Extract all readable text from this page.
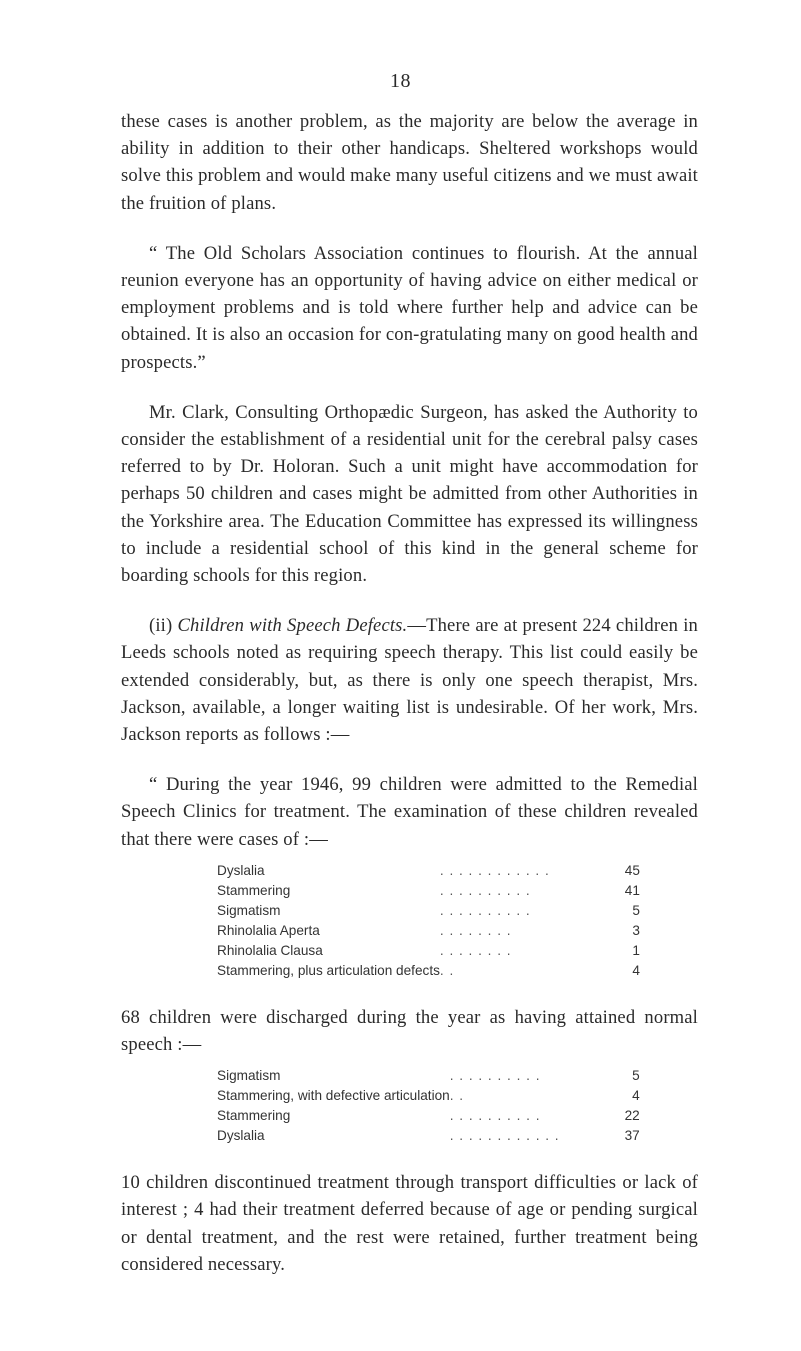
18

these cases is another problem, as the majority are below the average in ability in addition to their other handicaps. Sheltered workshops would solve this problem and would make many useful citizens and we must await the fruition of plans.

“ The Old Scholars Association continues to flourish. At the annual reunion everyone has an opportunity of having advice on either medical or employment problems and is told where further help and advice can be obtained. It is also an occasion for con-gratulating many on good health and prospects.”

Mr. Clark, Consulting Orthopædic Surgeon, has asked the Authority to consider the establishment of a residential unit for the cerebral palsy cases referred to by Dr. Holoran. Such a unit might have accommodation for perhaps 50 children and cases might be admitted from other Authorities in the Yorkshire area. The Education Committee has expressed its willingness to include a residential school of this kind in the general scheme for boarding schools for this region.

(ii) Children with Speech Defects.—There are at present 224 children in Leeds schools noted as requiring speech therapy. This list could easily be extended considerably, but, as there is only one speech therapist, Mrs. Jackson, available, a longer waiting list is undesirable. Of her work, Mrs. Jackson reports as follows :—

“ During the year 1946, 99 children were admitted to the Remedial Speech Clinics for treatment. The examination of these children revealed that there were cases of :—

Dyslalia	. . . . . . . . . . . .	45
Stammering	. . . . . . . . . .	41
Sigmatism	. . . . . . . . . .	5
Rhinolalia Aperta	. . . . . . . .	3
Rhinolalia Clausa	. . . . . . . .	1
Stammering, plus articulation defects	. .	4

68 children were discharged during the year as having attained normal speech :—

Sigmatism	. . . . . . . . . .	5
Stammering, with defective articulation	. .	4
Stammering	. . . . . . . . . .	22
Dyslalia	. . . . . . . . . . . .	37

10 children discontinued treatment through transport difficulties or lack of interest ; 4 had their treatment deferred because of age or pending surgical or dental treatment, and the rest were retained, further treatment being considered necessary.
